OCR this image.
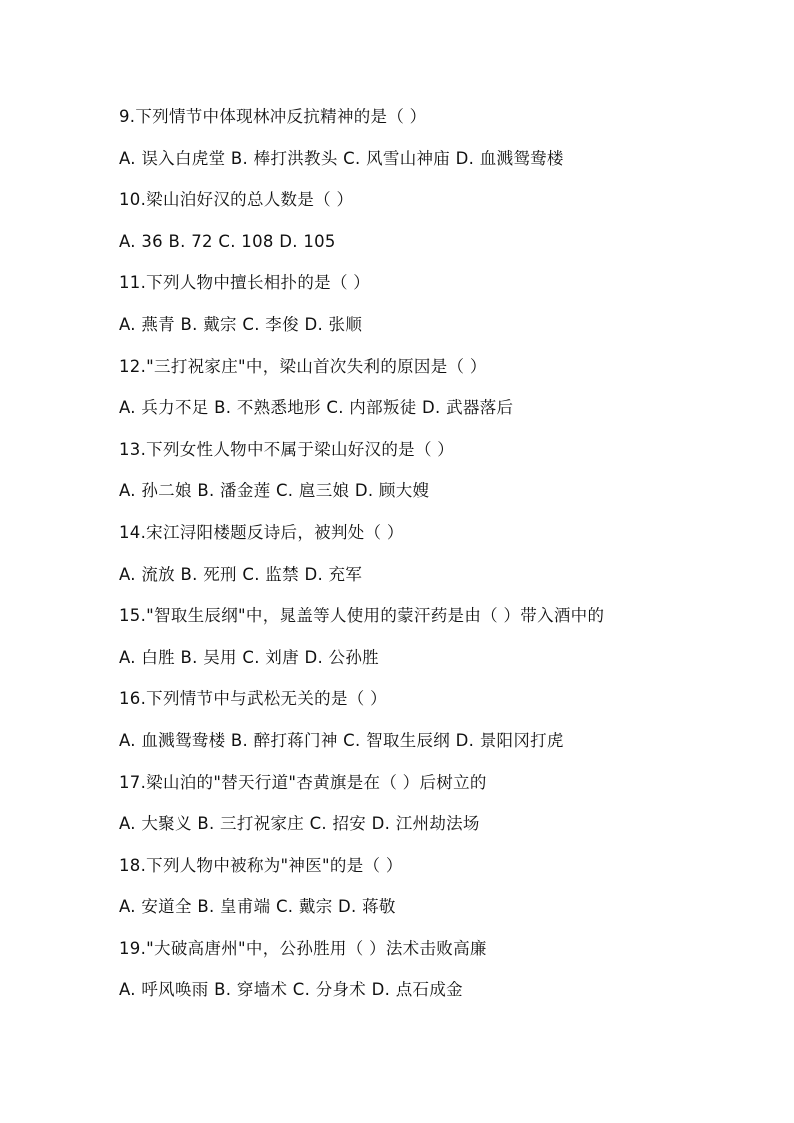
9.下列情节中体现林冲反抗精神的是（ ）
A. 误入白虎堂 B. 棒打洪教头 C. 风雪山神庙 D. 血溅鸳鸯楼
10.梁山泊好汉的总人数是（ ）
A. 36 B. 72 C. 108 D. 105
11.下列人物中擅长相扑的是（ ）
A. 燕青 B. 戴宗 C. 李俊 D. 张顺
12."三打祝家庄"中，梁山首次失利的原因是（ ）
A. 兵力不足 B. 不熟悉地形 C. 内部叛徒 D. 武器落后
13.下列女性人物中不属于梁山好汉的是（ ）
A. 孙二娘 B. 潘金莲 C. 扈三娘 D. 顾大嫂
14.宋江浔阳楼题反诗后，被判处（ ）
A. 流放 B. 死刑 C. 监禁 D. 充军
15."智取生辰纲"中，晁盖等人使用的蒙汗药是由（ ）带入酒中的
A. 白胜 B. 吴用 C. 刘唐 D. 公孙胜
16.下列情节中与武松无关的是（ ）
A. 血溅鸳鸯楼 B. 醉打蒋门神 C. 智取生辰纲 D. 景阳冈打虎
17.梁山泊的"替天行道"杏黄旗是在（ ）后树立的
A. 大聚义 B. 三打祝家庄 C. 招安 D. 江州劫法场
18.下列人物中被称为"神医"的是（ ）
A. 安道全 B. 皇甫端 C. 戴宗 D. 蒋敬
19."大破高唐州"中，公孙胜用（ ）法术击败高廉
A. 呼风唤雨 B. 穿墙术 C. 分身术 D. 点石成金
